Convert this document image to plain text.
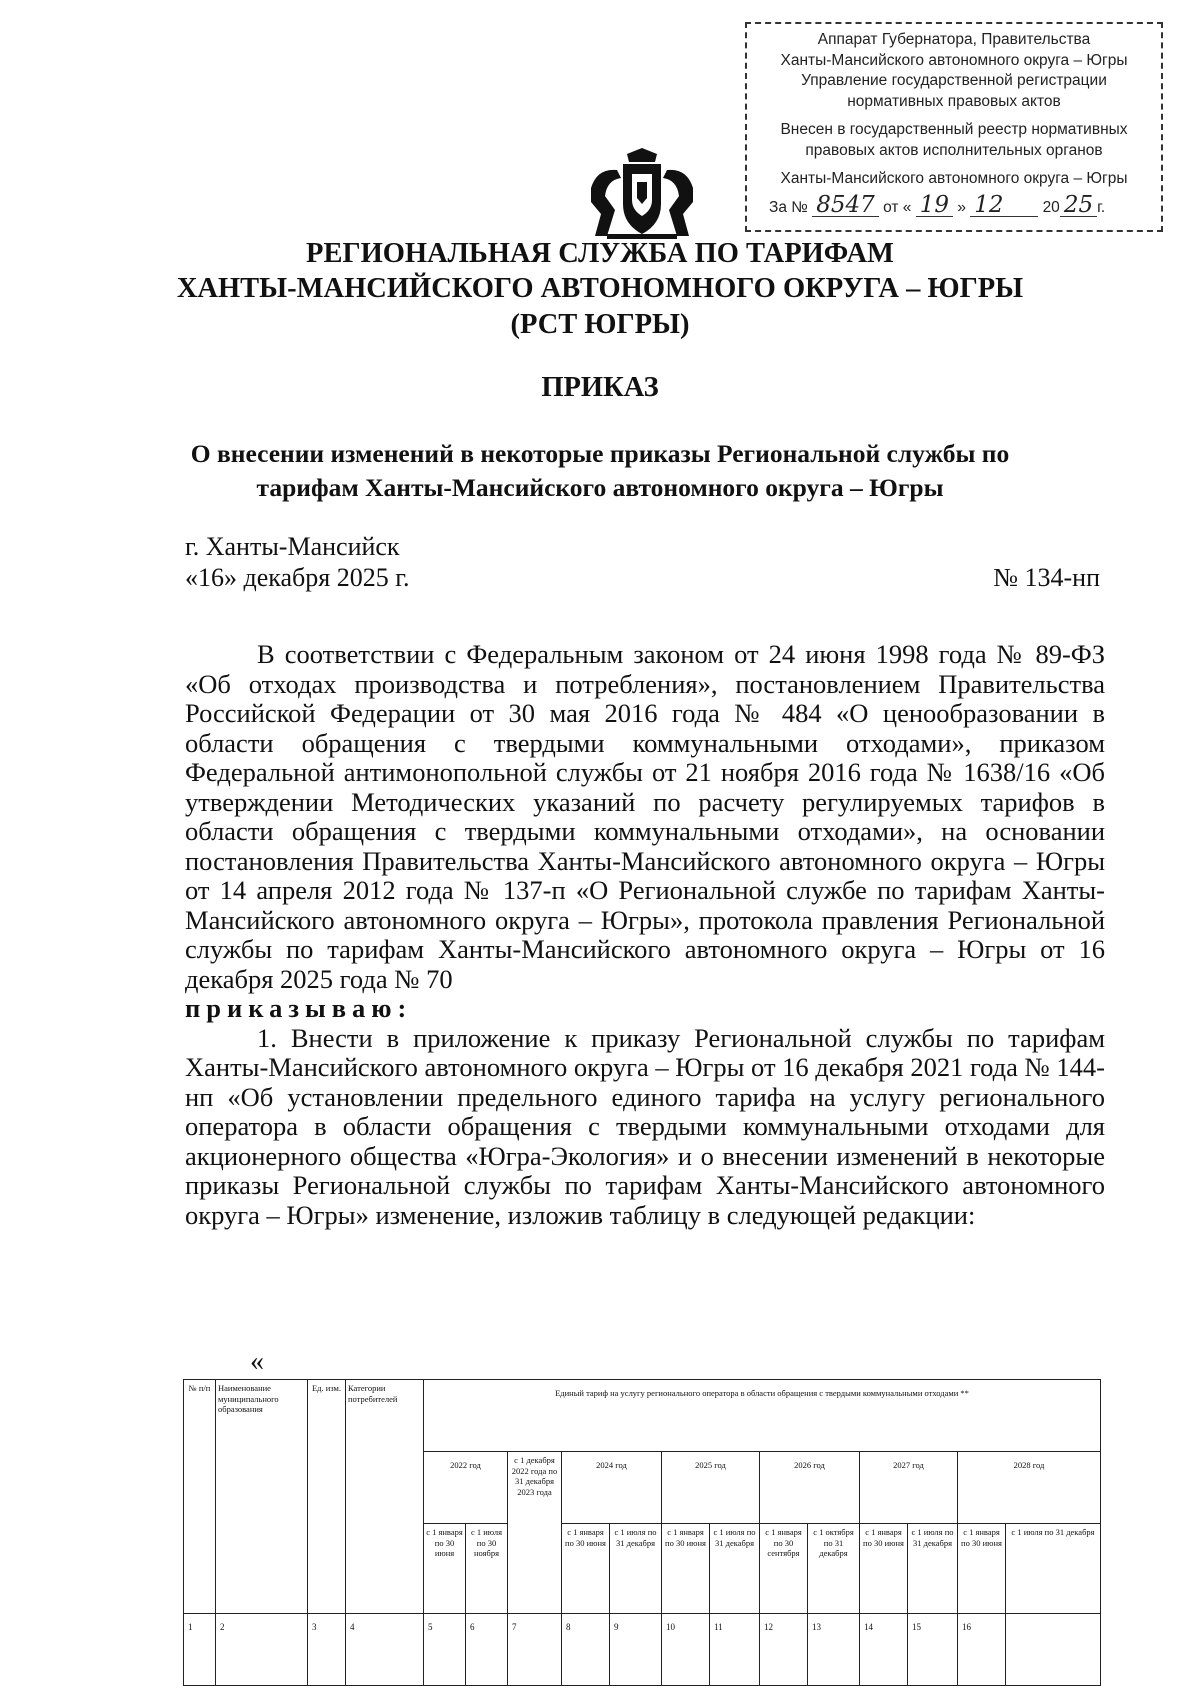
Аппарат Губернатора, Правительства
Ханты-Мансийского автономного округа – Югры
Управление государственной регистрации
нормативных правовых актов
Внесен в государственный реестр нормативных
правовых актов исполнительных органов
Ханты-Мансийского автономного округа – Югры
За № 8547 от « 19 » 12	20 25 г.
РЕГИОНАЛЬНАЯ СЛУЖБА ПО ТАРИФАМ
ХАНТЫ-МАНСИЙСКОГО АВТОНОМНОГО ОКРУГА – ЮГРЫ
(РСТ ЮГРЫ)
ПРИКАЗ
О внесении изменений в некоторые приказы Региональной службы по
тарифам Ханты-Мансийского автономного округа – Югры
г. Ханты-Мансийск
«16» декабря 2025 г.	№ 134-нп

В соответствии с Федеральным законом от 24 июня 1998 года № 89-ФЗ «Об отходах производства и потребления», постановлением Правительства Российской Федерации от 30 мая 2016 года № 484 «О ценообразовании в области обращения с твердыми коммунальными отходами», приказом Федеральной антимонопольной службы от 21 ноября 2016 года № 1638/16 «Об утверждении Методических указаний по расчету регулируемых тарифов в области обращения с твердыми коммунальными отходами», на основании постановления Правительства Ханты-Мансийского автономного округа – Югры от 14 апреля 2012 года № 137-п «О Региональной службе по тарифам Ханты-Мансийского автономного округа – Югры», протокола правления Региональной службы по тарифам Ханты-Мансийского автономного округа – Югры от 16 декабря 2025 года № 70

приказываю:

1. Внести в приложение к приказу Региональной службы по тарифам Ханты-Мансийского автономного округа – Югры от 16 декабря 2021 года № 144-нп «Об установлении предельного единого тарифа на услугу регионального оператора в области обращения с твердыми коммунальными отходами для акционерного общества «Югра-Экология» и о внесении изменений в некоторые приказы Региональной службы по тарифам Ханты-Мансийского автономного округа – Югры» изменение, изложив таблицу в следующей редакции:

«
№ п/п	Наименование муниципального образования	Ед. изм.	Категории потребителей	Единый тариф на услугу регионального оператора в области обращения с твердыми коммунальными отходами **												
				2022 год		с 1 декабря 2022 года по 31 декабря 2023 года	2024 год		2025 год		2026 год		2027 год		2028 год	
				с 1 января по 30 июня	с 1 июля по 30 ноября		с 1 января по 30 июня	с 1 июля по 31 декабря	с 1 января по 30 июня	с 1 июля по 31 декабря	с 1 января по 30 сентября	с 1 октября по 31 декабря	с 1 января по 30 июня	с 1 июля по 31 декабря	с 1 января по 30 июня	с 1 июля по 31 декабря
1	2	3	4	5	6	7	8	9	10	11	12	13	14	15	16	
